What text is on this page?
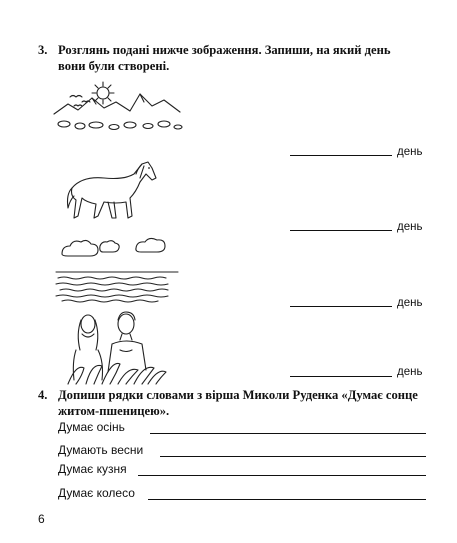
3. Розглянь подані нижче зображення. Запиши, на який день
вони були створені.
день
день
день
день
4. Допиши рядки словами з вірша Миколи Руденка «Думає сонце
житом-пшеницею».
Думає осінь
Думають весни
Думає кузня
Думає колесо
6
